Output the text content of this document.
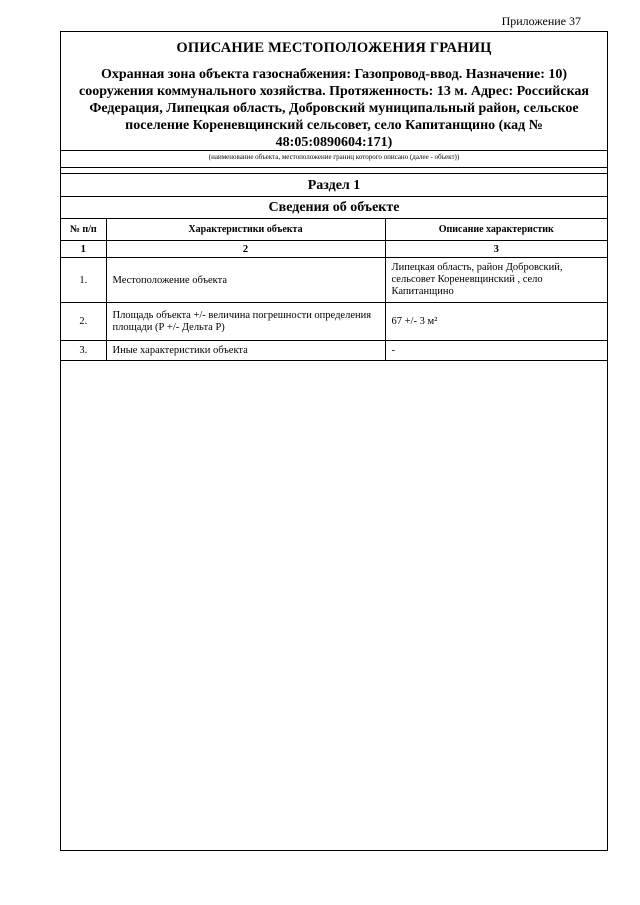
Приложение 37
ОПИСАНИЕ МЕСТОПОЛОЖЕНИЯ ГРАНИЦ
Охранная зона объекта газоснабжения: Газопровод-ввод. Назначение: 10) сооружения коммунального хозяйства. Протяженность: 13 м. Адрес: Российская Федерация, Липецкая область, Добровский муниципальный район, сельское поселение Кореневщинский сельсовет, село Капитанщино (кад № 48:05:0890604:171)
(наименование объекта, местоположение границ которого описано (далее - объект))
Раздел 1
Сведения об объекте
№ п/п	Характеристики объекта	Описание характеристик
1	2	3
1.	Местоположение объекта	Липецкая область, район Добровский, сельсовет Кореневщинский , село Капитанщино

2.	Площадь объекта +/- величина погрешности определения площади (Р +/- Дельта Р)	67 +/- 3 м²
3.	Иные характеристики объекта	-
